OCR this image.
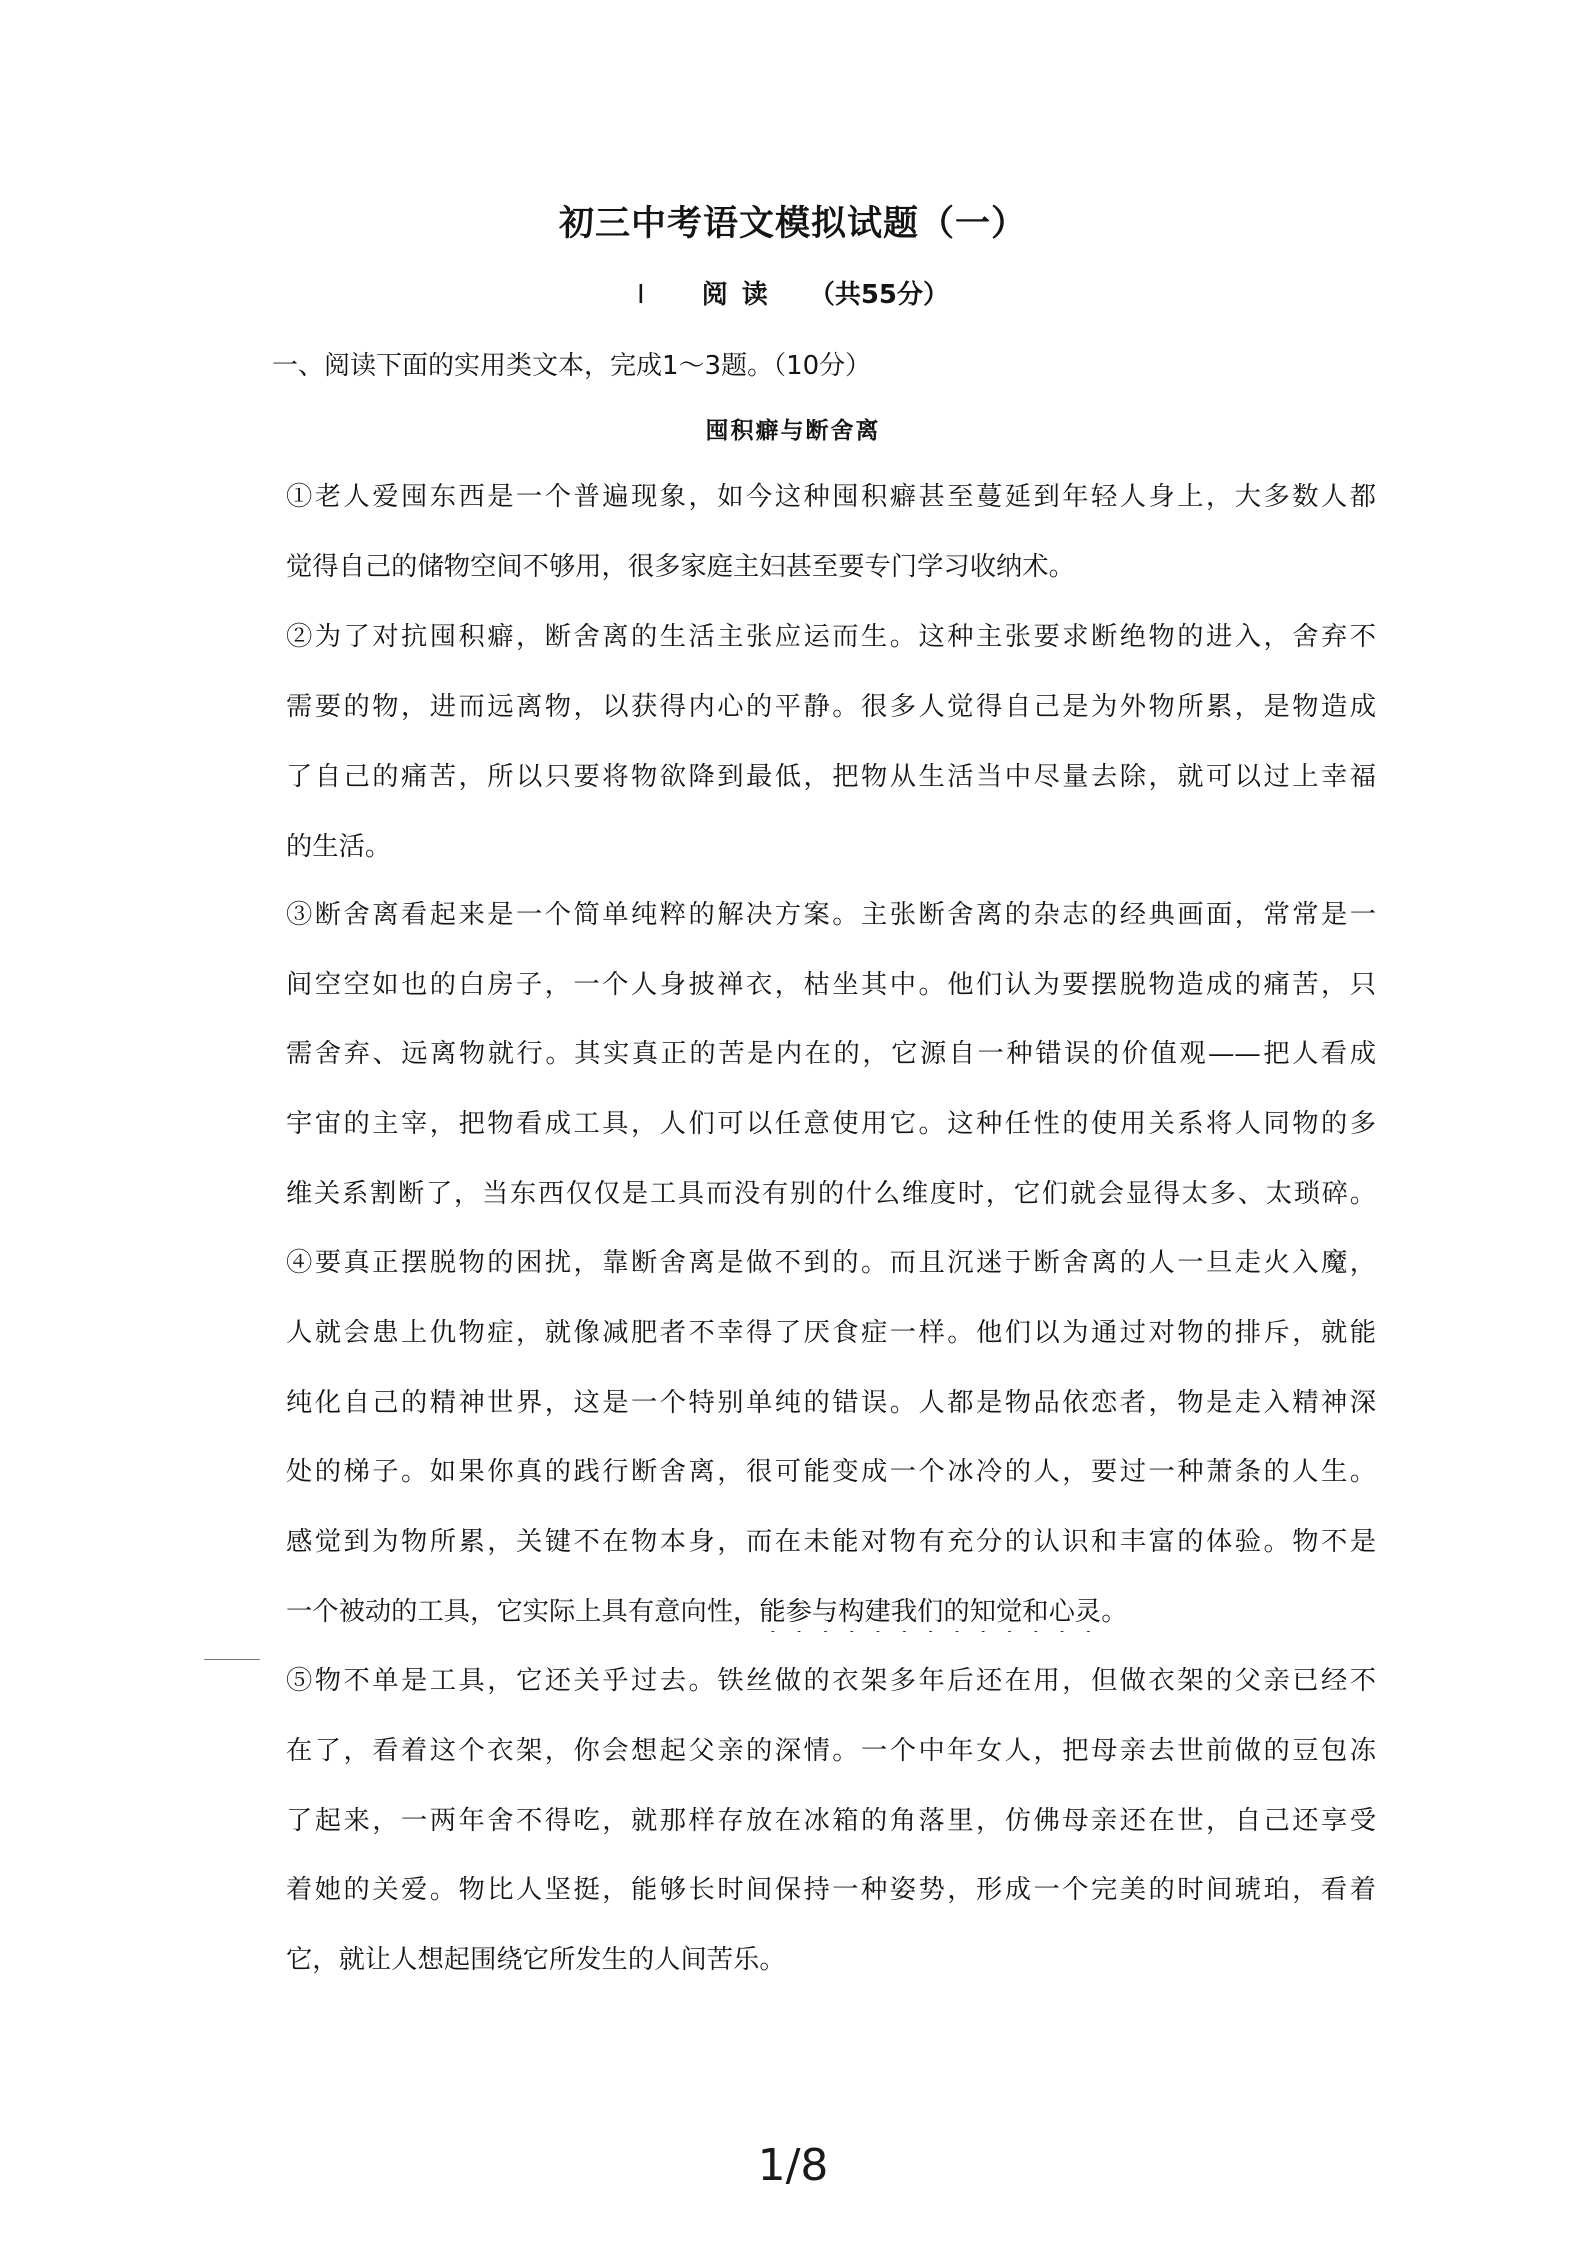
初三中考语文模拟试题（一）
Ⅰ 阅读 （共55分）

一、阅读下面的实用类文本，完成1～3题。（10分）

囤积癖与断舍离
①老人爱囤东西是一个普遍现象，如今这种囤积癖甚至蔓延到年轻人身上，大多数人都
觉得自己的储物空间不够用，很多家庭主妇甚至要专门学习收纳术。
②为了对抗囤积癖，断舍离的生活主张应运而生。这种主张要求断绝物的进入，舍弃不
需要的物，进而远离物，以获得内心的平静。很多人觉得自己是为外物所累，是物造成
了自己的痛苦，所以只要将物欲降到最低，把物从生活当中尽量去除，就可以过上幸福
的生活。
③断舍离看起来是一个简单纯粹的解决方案。主张断舍离的杂志的经典画面，常常是一
间空空如也的白房子，一个人身披禅衣，枯坐其中。他们认为要摆脱物造成的痛苦，只
需舍弃、远离物就行。其实真正的苦是内在的，它源自一种错误的价值观——把人看成
宇宙的主宰，把物看成工具，人们可以任意使用它。这种任性的使用关系将人同物的多
维关系割断了，当东西仅仅是工具而没有别的什么维度时，它们就会显得太多、太琐碎。
④要真正摆脱物的困扰，靠断舍离是做不到的。而且沉迷于断舍离的人一旦走火入魔，
人就会患上仇物症，就像减肥者不幸得了厌食症一样。他们以为通过对物的排斥，就能
纯化自己的精神世界，这是一个特别单纯的错误。人都是物品依恋者，物是走入精神深
处的梯子。如果你真的践行断舍离，很可能变成一个冰冷的人，要过一种萧条的人生。
感觉到为物所累，关键不在物本身，而在未能对物有充分的认识和丰富的体验。物不是
一个被动的工具，它实际上具有意向性，能参与构建我们的知觉和心灵。
⑤物不单是工具，它还关乎过去。铁丝做的衣架多年后还在用，但做衣架的父亲已经不
在了，看着这个衣架，你会想起父亲的深情。一个中年女人，把母亲去世前做的豆包冻
了起来，一两年舍不得吃，就那样存放在冰箱的角落里，仿佛母亲还在世，自己还享受
着她的关爱。物比人坚挺，能够长时间保持一种姿势，形成一个完美的时间琥珀，看着
它，就让人想起围绕它所发生的人间苦乐。
1/8
